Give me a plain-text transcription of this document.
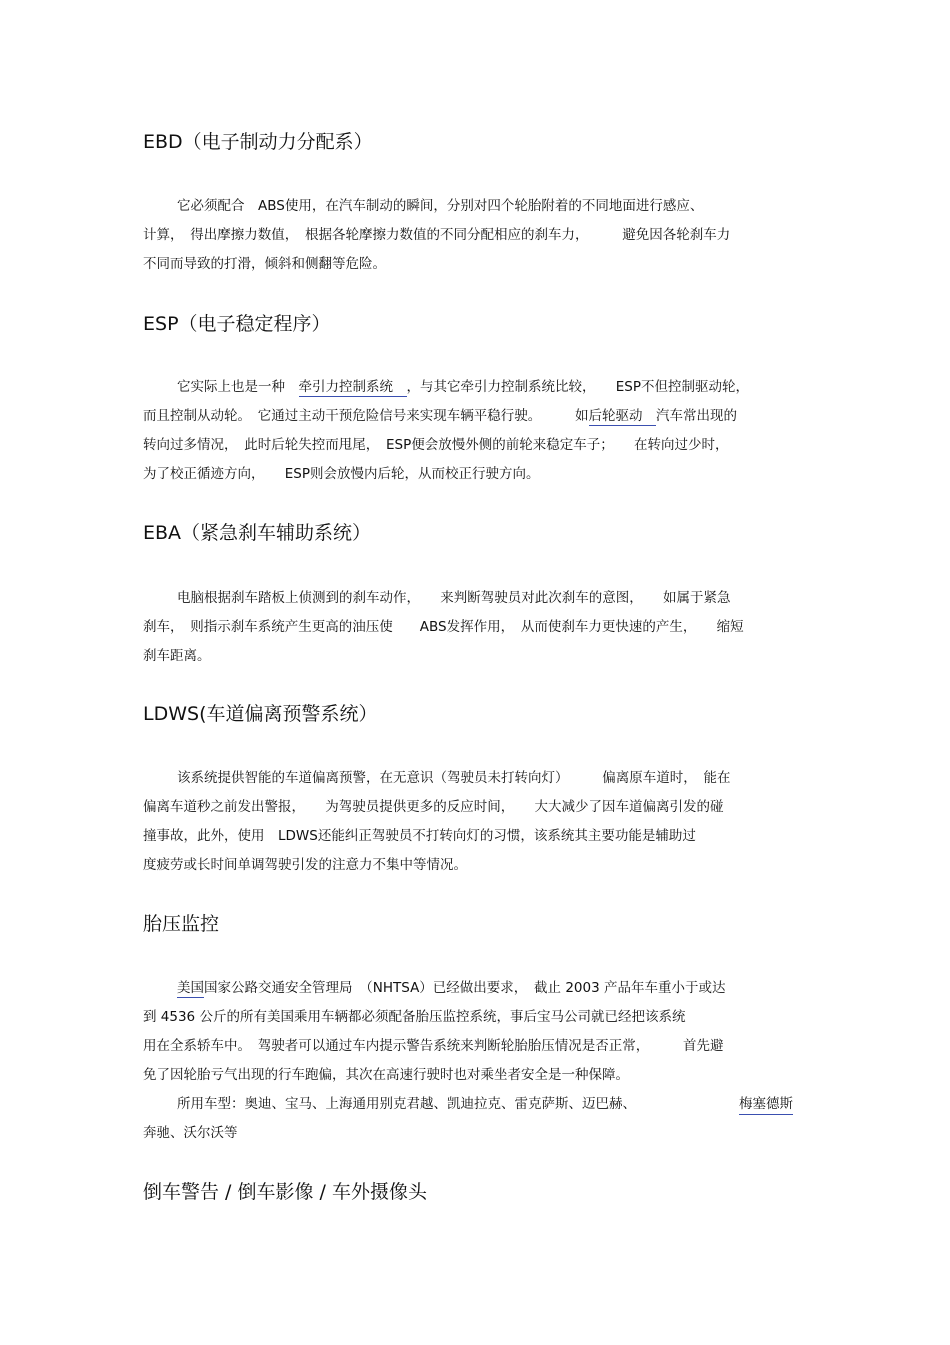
EBD（电子制动力分配系）
它必须配合　ABS使用，在汽车制动的瞬间，分别对四个轮胎附着的不同地面进行感应、
计算，　得出摩擦力数值，　根据各轮摩擦力数值的不同分配相应的刹车力，　　　避免因各轮刹车力
不同而导致的打滑，倾斜和侧翻等危险。
ESP（电子稳定程序）
它实际上也是一种　牵引力控制系统　，与其它牵引力控制系统比较，　　ESP不但控制驱动轮，
而且控制从动轮。　它通过主动干预危险信号来实现车辆平稳行驶。　　　如后轮驱动　汽车常出现的
转向过多情况，　此时后轮失控而甩尾，　ESP便会放慢外侧的前轮来稳定车子；　　在转向过少时，
为了校正循迹方向，　　ESP则会放慢内后轮，从而校正行驶方向。
EBA（紧急刹车辅助系统）
电脑根据刹车踏板上侦测到的刹车动作，　　来判断驾驶员对此次刹车的意图，　　如属于紧急
刹车，　则指示刹车系统产生更高的油压使　　ABS发挥作用，　从而使刹车力更快速的产生，　　缩短
刹车距离。
LDWS(车道偏离预警系统）
该系统提供智能的车道偏离预警，在无意识（驾驶员未打转向灯）　　　偏离原车道时，　能在
偏离车道秒之前发出警报，　　为驾驶员提供更多的反应时间，　　大大减少了因车道偏离引发的碰
撞事故，此外，使用　LDWS还能纠正驾驶员不打转向灯的习惯，该系统其主要功能是辅助过
度疲劳或长时间单调驾驶引发的注意力不集中等情况。
胎压监控
美国国家公路交通安全管理局　（NHTSA）已经做出要求，　截止 2003 产品年车重小于或达
到 4536 公斤的所有美国乘用车辆都必须配备胎压监控系统，事后宝马公司就已经把该系统
用在全系轿车中。　驾驶者可以通过车内提示警告系统来判断轮胎胎压情况是否正常，　　　首先避
免了因轮胎亏气出现的行车跑偏，其次在高速行驶时也对乘坐者安全是一种保障。
所用车型：奥迪、宝马、上海通用别克君越、凯迪拉克、雷克萨斯、迈巴赫、	梅塞德斯
奔驰、沃尔沃等
倒车警告 / 倒车影像 / 车外摄像头
